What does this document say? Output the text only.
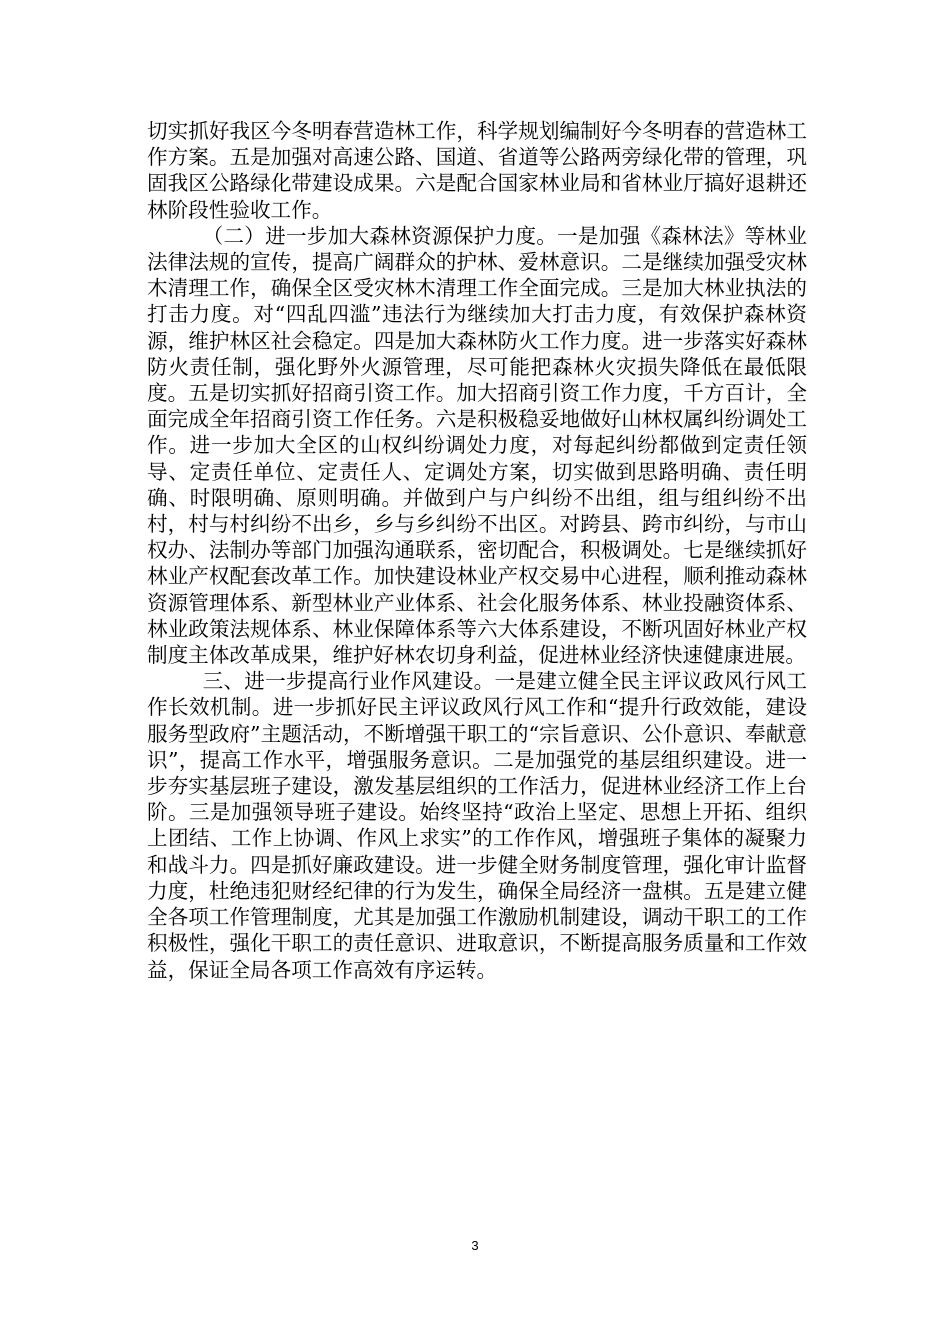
切实抓好我区今冬明春营造林工作，科学规划编制好今冬明春的营造林工作方案。五是加强对高速公路、国道、省道等公路两旁绿化带的管理，巩固我区公路绿化带建设成果。六是配合国家林业局和省林业厅搞好退耕还林阶段性验收工作。

（二）进一步加大森林资源保护力度。一是加强《森林法》等林业法律法规的宣传，提高广阔群众的护林、爱林意识。二是继续加强受灾林木清理工作，确保全区受灾林木清理工作全面完成。三是加大林业执法的打击力度。对“四乱四滥”违法行为继续加大打击力度，有效保护森林资源，维护林区社会稳定。四是加大森林防火工作力度。进一步落实好森林防火责任制，强化野外火源管理，尽可能把森林火灾损失降低在最低限度。五是切实抓好招商引资工作。加大招商引资工作力度，千方百计，全面完成全年招商引资工作任务。六是积极稳妥地做好山林权属纠纷调处工作。进一步加大全区的山权纠纷调处力度，对每起纠纷都做到定责任领导、定责任单位、定责任人、定调处方案，切实做到思路明确、责任明确、时限明确、原则明确。并做到户与户纠纷不出组，组与组纠纷不出村，村与村纠纷不出乡，乡与乡纠纷不出区。对跨县、跨市纠纷，与市山权办、法制办等部门加强沟通联系，密切配合，积极调处。七是继续抓好林业产权配套改革工作。加快建设林业产权交易中心进程，顺利推动森林资源管理体系、新型林业产业体系、社会化服务体系、林业投融资体系、林业政策法规体系、林业保障体系等六大体系建设，不断巩固好林业产权制度主体改革成果，维护好林农切身利益，促进林业经济快速健康进展。

三、进一步提高行业作风建设。一是建立健全民主评议政风行风工作长效机制。进一步抓好民主评议政风行风工作和“提升行政效能，建设服务型政府”主题活动，不断增强干职工的“宗旨意识、公仆意识、奉献意识”，提高工作水平，增强服务意识。二是加强党的基层组织建设。进一步夯实基层班子建设，激发基层组织的工作活力，促进林业经济工作上台阶。三是加强领导班子建设。始终坚持“政治上坚定、思想上开拓、组织上团结、工作上协调、作风上求实”的工作作风，增强班子集体的凝聚力和战斗力。四是抓好廉政建设。进一步健全财务制度管理，强化审计监督力度，杜绝违犯财经纪律的行为发生，确保全局经济一盘棋。五是建立健全各项工作管理制度，尤其是加强工作激励机制建设，调动干职工的工作积极性，强化干职工的责任意识、进取意识，不断提高服务质量和工作效益，保证全局各项工作高效有序运转。

3
